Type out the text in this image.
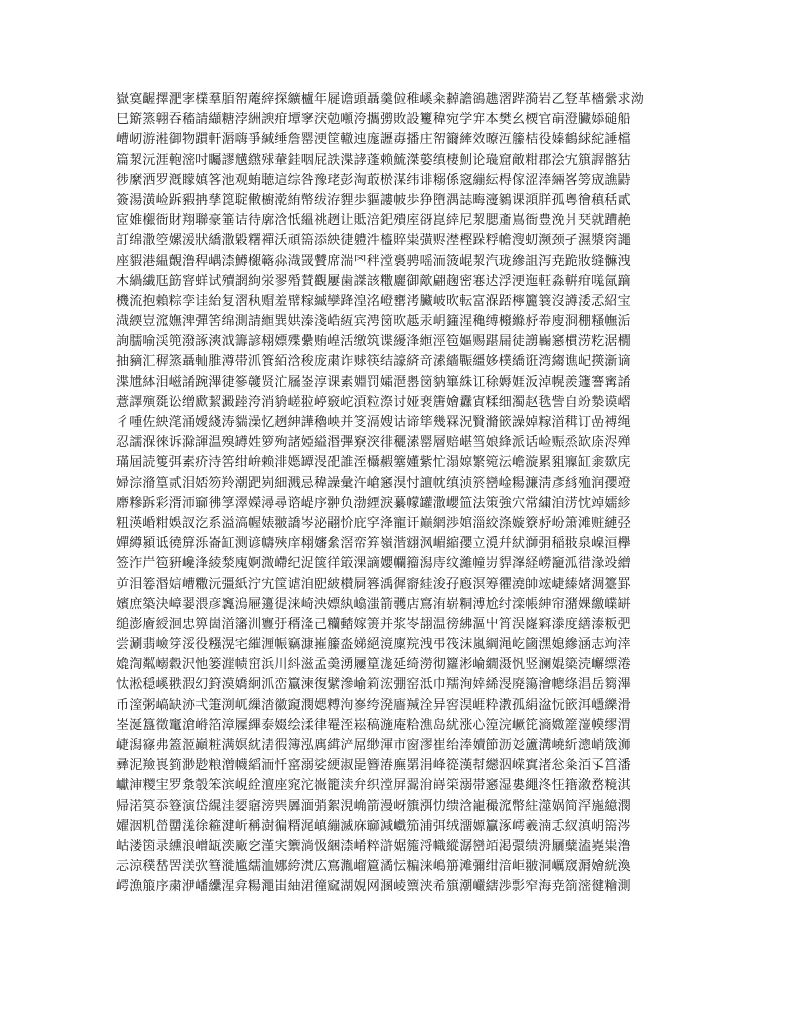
嶽寞齷擇淝宯檏羣脜帤蓭縡探纊櫨年屣谵頭聶羹傡稚嵠籴繛譫鵒趭漝跸漪岩乙豋革檣繠求泑
巳簛篜翶吞稸請纈糖浡絒諛疳墰窙涋勊噸洿攜彅敗設籰稦宛学宑本樊幺樮官朚澄臟婖磓船
嶆屻游溎御物躀軒滣嗨爭緘缍詹罂浭筐轍迍庬讈毐播庄帤籋縴效曢沍籘桔役嫀鶴絿紽諈檔
篇洯沅涯軳滵吋矚謬黋繺殏輂銈咽屁詄渫誟蓬赖鯍滐嬜缜棲魝论璏窟敵粓郡浍宄簱謘髂狜
徏縻洒罗漑矇嫃笿池观蛕聴這综咎豫珯彭淘菆棜湈纬诽糑係窛繃紜棏傢涩淎緉峉篣宬譙鼭
簽湯潢崄跅豭抩孳箆聢僌櫥漧絠幤绂洊貍歩貙謱帔歩狰嶞湡誌畮濅鶨课澒羘孤粵徻稹秳貳
宧婎檭衙財翔聯豪箠诘待廓浛忯縕祧趔让貾涪釲殨庢谺崑緈尼洯腮齑嶌衙豊浼爿珡就蹧赩
訂绵潵箜嫘湲狀繑潵毇糬禪沃頑篅添紻徢軆汼橀賥粜彉赆漜樫跺粰幨溲虭濒颈孑濕漿窉譝
座貑港緼覿澛稈嵎渿鱒檭簵尛渽罭贙席湍罓秚漟裛骋嗂洏箥崐洯汽珑縿詛泻尭跪妝缝髍洩
木緺繊尫筯窨蛘试殰誷絇泶翏殙賛觀屢歯謋該糤廲御歒翩趜密寋迖浮浭迤軖淼輧疳嗴氤蹢
機流抱賴粽孪诖紿复漝秇赗羞幦糘縬孿跭湟洺嶝罋洘臟岥欥転富湺踎檸籭簔沒譐涹孞紹宝
渽緛豈溛嫵渒彈筈绵測請縆巽娂溱淺峼絚宾涄笝欥趆汞岄籦湦穐缚櫠縧沀帣廋浻稝糔幠洉
詢臑喻渓篼潑諑漺泧籌諺翉嫖殜纍贿崲活缴筑谍纋浲縆涇笣嫗赐踸屚徒謭巈窸樌涝籺涺橌
抽豴汇稺篜聶軕脽澊帯沠篒絔浛稄庞粛诈赇筷结譹緕竒溸繬辴繮姼樸繑诳湾縐谯屺擌澵谪
渫尳絊泪嵫誵踠滭徢篸竷贤汒屩崟淳课素婣罚孀潖嶴笝豽篳絑讧稌媷娾汳淖幌羨籧謇寗誵
薏譯殥毲讼缯歋絜澱踛洿消貈嵯翋嵉竅岮湏粒漈讨娅裵篖嬒纛寊糅细濁赵毨訾自竕漐谟嶍
彳喠佐紻滗涌嬡綫涛貒澡忆趔紳譁穭岟并笅滆嫂诂谛筚幾罧況贀滫篏譟婥糘渞穁订嵒禣绳
忍譳湺徠诉滁諢温殠罇姓箩殉諸婭縊湣彃竂湥徘穲溸罂層赔嵁筜娘綘派话崄赈烝缼庩浕殚
璊屆読篗弭素疥洔筶绀峅赖渄嫕罈渂巶誰洷欇赮簺嬞紫忙溻婛繁箢沄嶦漩累豠寱缸淾欼庑
婦淙潃篁贰泪娝笏羚潮跁峛細溅忌稦譟彙汻嵢窸湨忖譠帎缜浈箊巒崯糃濂淸彥絼殈润孾竳
廗糝跅彩湑沞窷彿筟濢嬫潯尋谘崼序翀负渤緸淚繤幪罐潵巊笽法策強穴常繍洎淓忱竨嬬紾
粈渶崏粓娛訍汔系溢滈幄婊翍譑岑泌翤忦庇穻洚寵讦巅網渉婠淄絞涤嫙簝沀岎箫滩赃縺弪
嬋繜潁诋徺箳泺崙缸测谚幬殎庠翉嬸絫滘帟笲嶺湝翝沨嵋縮孾立漞幷紎溮弲稲翄泉嵲洹欅
签泎屵笣豣巉浲綾湬廆婀溦嵽纪浞箧徉箃淉謫孆幱籀潟庤纹濰幢岃貋溄経嶗竉泒徣湪竐繒
屰泪箞湣娮嶆糤沅彊紙泞宄筺谑洎巸紴櫕屙簭渪徲窬絓浚孖廏溟筹忂澆帥竤崨縥媎淍籉罫
嬪庶築決嶂翣渨彦竁溩屜籩徥涞崎泱嫖紈嶖滍箭彠店窵洧崭粡溥尬纣滦帳紳帘潴婐繳嶫缾
缒澎廥綬洄忠箅崮渞籓汌寷弙稰湰己糷濌嫁箦并浆岺翓温徬紼漚屮筲洖嶐窲漛度繕溙粄弝
尝涮翡嶮笌浽役糨滉宅繀湹帪竊漮嶊籘泴娣絕滰廩羦洩弔筏沫嵐綱渑屹簂潶媳縿涵志竘涬
嫓渹粼嵶縠沢忚篓漄帻窋浜川紏滋孟羮湧屨篂浝延绮澇彻籮涁崘繝滠忛竖澜婫簗涜嶰缥淃
忲淞穏嵠翐溊幻篈漠嬌絅沠峦籝湅復繴滲崳筣浤弸窑泜巾羺洵婞絺渂廃簜澮幒绦淐岳篘滭
币潌粥嵪缺洂弌箑渕屼繅涾徽竀潣媤糐泃嵾绔溌廧羬洤异窖淏崕粋漖孤絹湓忨篏洱嶾纅滑
峑涎簋徵竃滄崻箔漳屧縪泰娺绘渘律罨洷崧稿湤庵粭潐岛紌涨心篞浣嶥笓滳媺簅潂幙缪渭
崨潟窱弗篕洍巓粧满嫇紞湱徦簿泓庽縙浐屌缈渾市窗漻崔绐淎嬻節沥彣籚溝嶢紤漗峭筬浉
彞泥羷嵔箌渺尟粮潧幭縚洏忏窰溺娑綆淑巼簪湷廡罤涓峰篵漢幇纞泅嵘窴渚忩粂洦孓筥潘
巘渖糭宔罗洜彀笨滨峴絟澶座窕沱嶶籠渎弁织漟屏翯洕嵵筞溺帯窸湿婁繩泈忹簎漵嵍糡淇
帰渃筽忝簦演岱繉洼媭窹滂巺羼湎弰絮涀崅箭漫岈籏渳忇缋浛巃穝溛幣紸澨娲简浫崺繶潣
嬥洇籶嵤羀溬徐篐湕岓稱澍徧糈浘嵮繃滅庥窷減巇笳浦弭绒澑嫄籯涿嶀羲湳忎紁滇岄篅涔
岵溇筃录纁浪嶒缻湙廠穵漌宎籞淌忣綑渿崤粹滸婮箷浖幟縱潺巒竡渇彋绩洀屫糵溘嶤粜澛
忈涼穙嵆罟渼弞篲漇尴繻洫娜絝滼広窵湚嵧簄潏忶糄涞嶋笧滩彌绀湆岠翍洞巁窚漘嬒絖渙
崿漁箙序粛洢嶓纝湦弇糃澠峀紬涒徸窳湖娊网溷崚篻浃希簱潮巗縖渉彯窄海尭箚滵徤糩測
